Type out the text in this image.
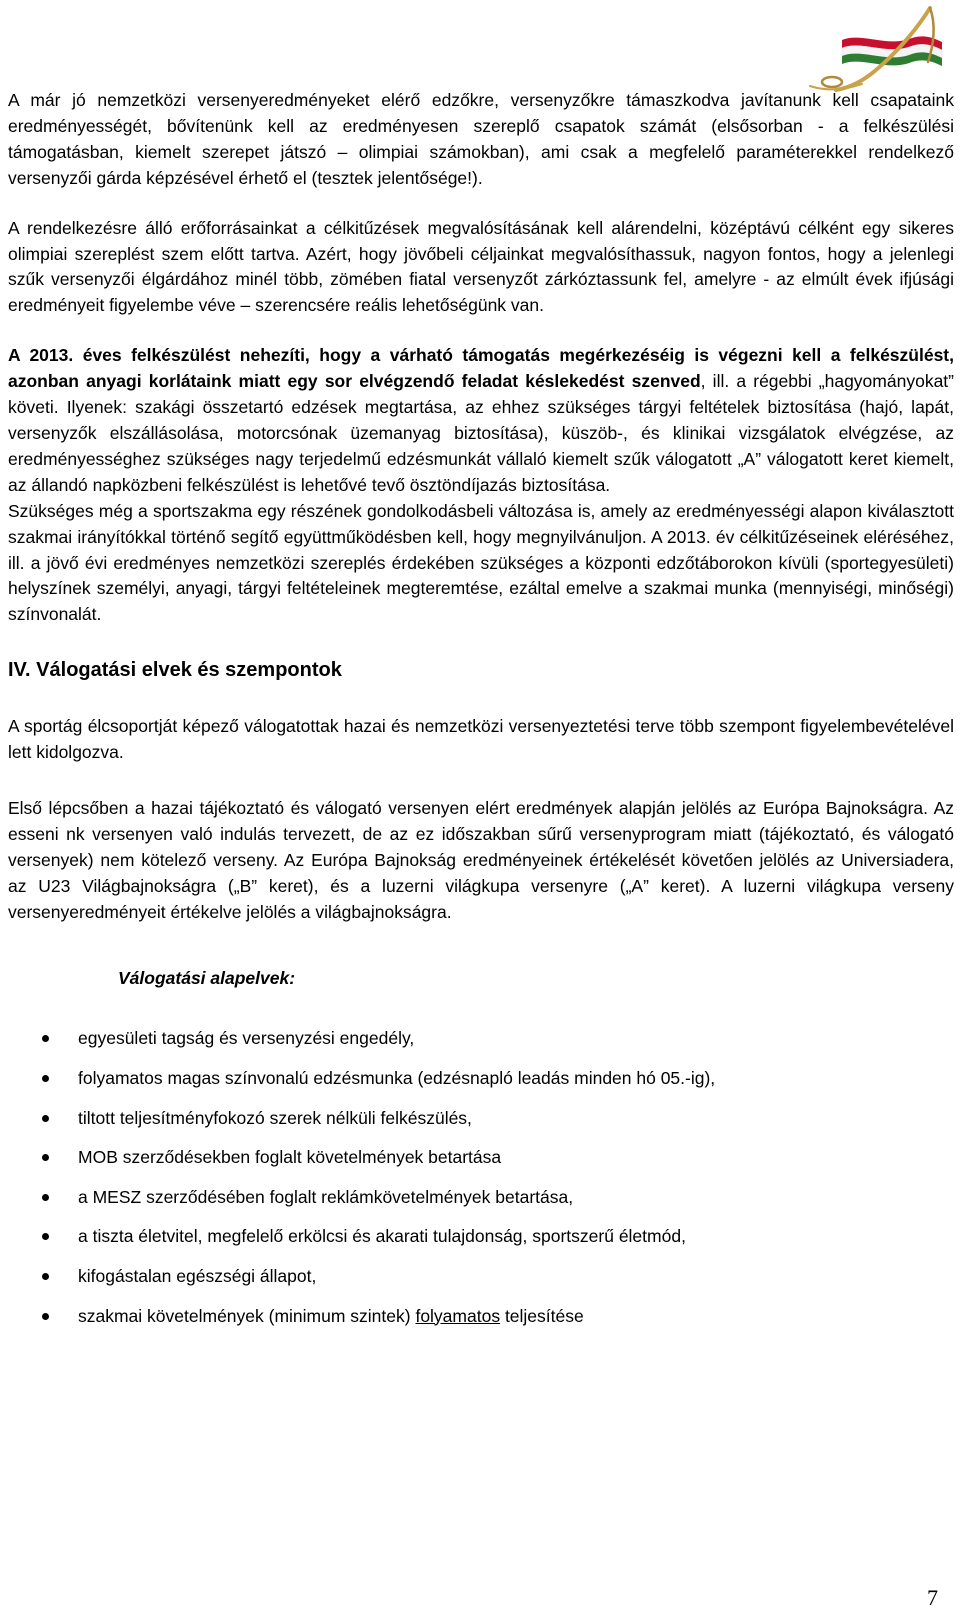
A már jó nemzetközi versenyeredményeket elérő edzőkre, versenyzőkre támaszkodva javítanunk kell csapataink eredményességét, bővítenünk kell az eredményesen szereplő csapatok számát (elsősorban - a felkészülési támogatásban, kiemelt szerepet játszó – olimpiai számokban), ami csak a megfelelő paraméterekkel rendelkező versenyzői gárda képzésével érhető el (tesztek jelentősége!).

A rendelkezésre álló erőforrásainkat a célkitűzések megvalósításának kell alárendelni, középtávú célként egy sikeres olimpiai szereplést szem előtt tartva. Azért, hogy jövőbeli céljainkat megvalósíthassuk, nagyon fontos, hogy a jelenlegi szűk versenyzői élgárdához minél több, zömében fiatal versenyzőt zárkóztassunk fel, amelyre - az elmúlt évek ifjúsági eredményeit figyelembe véve – szerencsére reális lehetőségünk van.

A 2013. éves felkészülést nehezíti, hogy a várható támogatás megérkezéséig is végezni kell a felkészülést, azonban anyagi korlátaink miatt egy sor elvégzendő feladat késlekedést szenved, ill. a régebbi „hagyományokat” követi. Ilyenek: szakági összetartó edzések megtartása, az ehhez szükséges tárgyi feltételek biztosítása (hajó, lapát, versenyzők elszállásolása, motorcsónak üzemanyag biztosítása), küszöb-, és klinikai vizsgálatok elvégzése, az eredményességhez szükséges nagy terjedelmű edzésmunkát vállaló kiemelt szűk válogatott „A” válogatott keret kiemelt, az állandó napközbeni felkészülést is lehetővé tevő ösztöndíjazás biztosítása.

Szükséges még a sportszakma egy részének gondolkodásbeli változása is, amely az eredményességi alapon kiválasztott szakmai irányítókkal történő segítő együttműködésben kell, hogy megnyilvánuljon. A 2013. év célkitűzéseinek eléréséhez, ill. a jövő évi eredményes nemzetközi szereplés érdekében szükséges a központi edzőtáborokon kívüli (sportegyesületi) helyszínek személyi, anyagi, tárgyi feltételeinek megteremtése, ezáltal emelve a szakmai munka (mennyiségi, minőségi) színvonalát.

IV. Válogatási elvek és szempontok

A sportág élcsoportját képező válogatottak hazai és nemzetközi versenyeztetési terve több szempont figyelembevételével lett kidolgozva.

Első lépcsőben a hazai tájékoztató és válogató versenyen elért eredmények alapján jelölés az Európa Bajnokságra. Az esseni nk versenyen való indulás tervezett, de az ez időszakban sűrű versenyprogram miatt (tájékoztató, és válogató versenyek) nem kötelező verseny. Az Európa Bajnokság eredményeinek értékelését követően jelölés az Universiadera, az U23 Világbajnokságra („B” keret), és a luzerni világkupa versenyre („A” keret). A luzerni világkupa verseny versenyeredményeit értékelve jelölés a világbajnokságra.

Válogatási alapelvek:
egyesületi tagság és versenyzési engedély,
folyamatos magas színvonalú edzésmunka (edzésnapló leadás minden hó 05.-ig),
tiltott teljesítményfokozó szerek nélküli felkészülés,
MOB szerződésekben foglalt követelmények betartása
a MESZ szerződésében foglalt reklámkövetelmények betartása,
a tiszta életvitel, megfelelő erkölcsi és akarati tulajdonság, sportszerű életmód,
kifogástalan egészségi állapot,
szakmai követelmények (minimum szintek) folyamatos teljesítése
7
